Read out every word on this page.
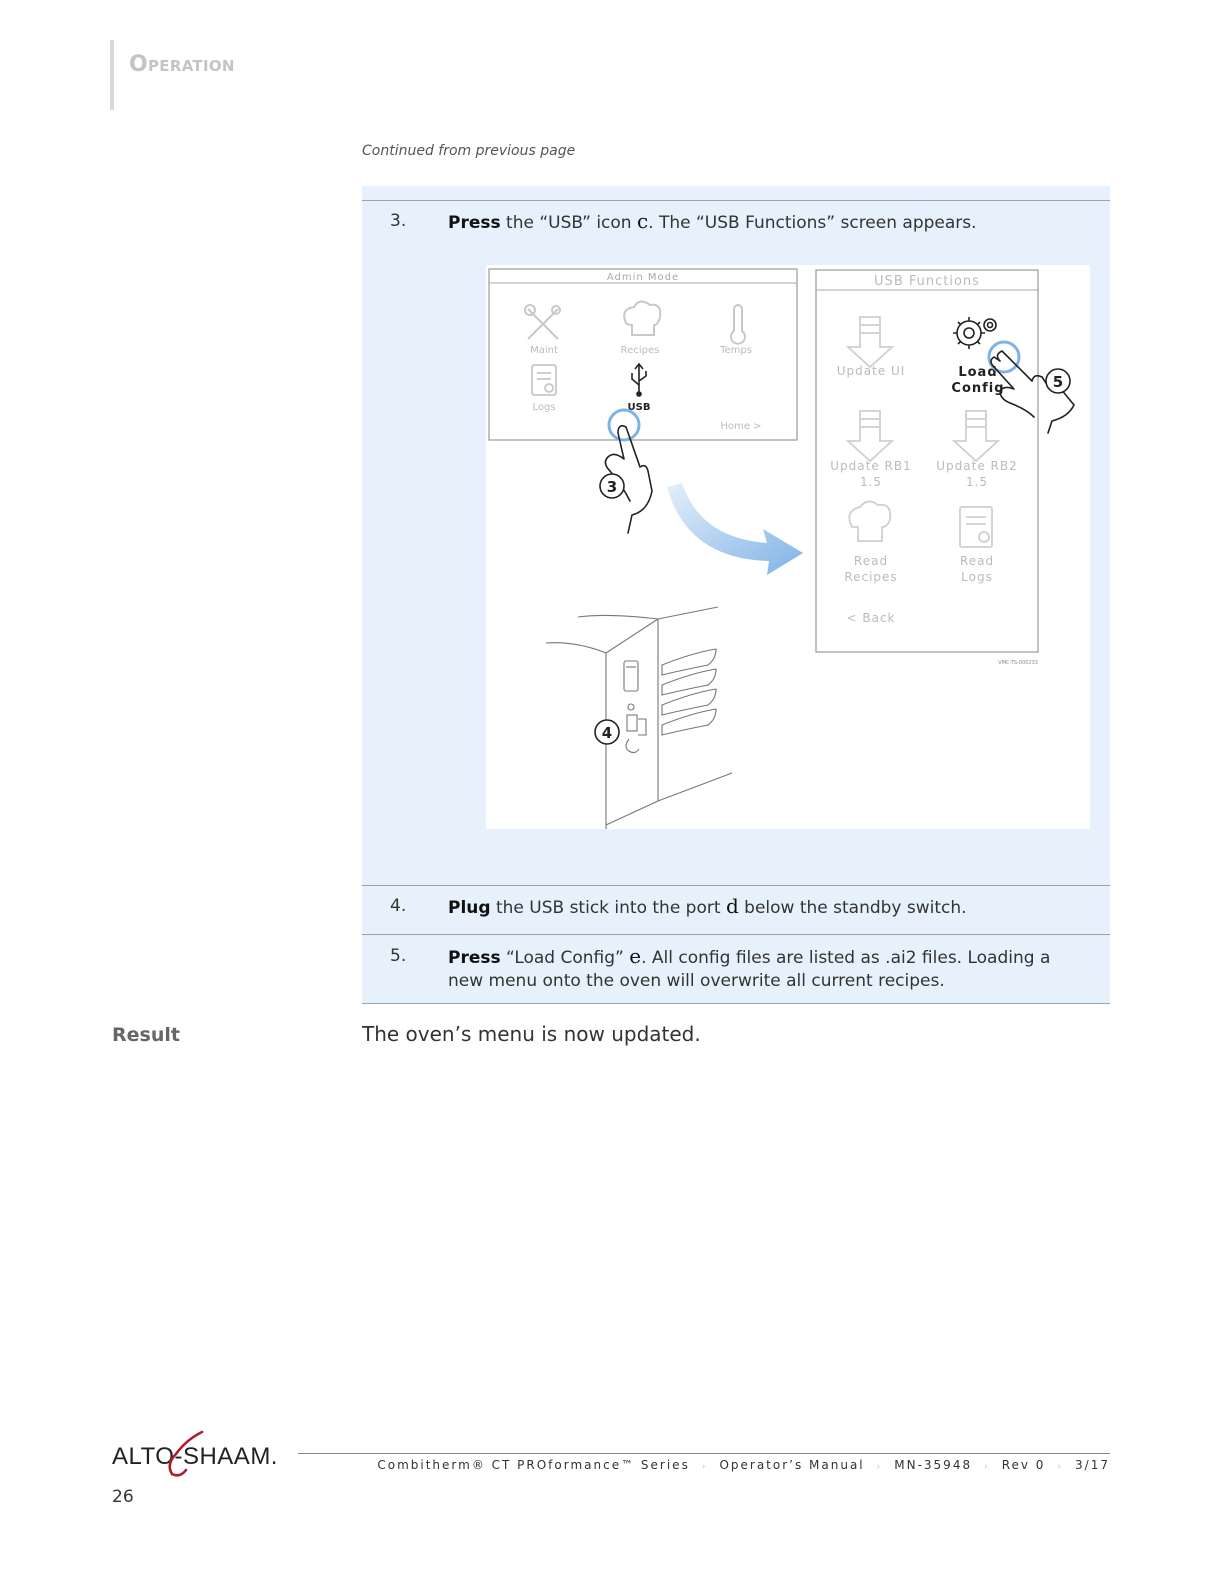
Operation
Continued from previous page
3. Press the “USB” icon c. The “USB Functions” screen appears.
Admin Mode
Maint	Recipes	Temps
Logs	USB
Home >
3
USB Functions
Update UI	Load
Config
Update RB1
1.5
Update RB2
1.5
Read
Recipes
Read
Logs
< Back
5
VMC-TS-000233
4
4. Plug the USB stick into the port d below the standby switch.
5. Press “Load Config” e. All config files are listed as .ai2 files. Loading a new menu onto the oven will overwrite all current recipes.
Result	The oven’s menu is now updated.
ALTO-SHAAM.	Combitherm® CT PROformance™ Series › Operator’s Manual › MN-35948 › Rev 0 › 3/17
26
